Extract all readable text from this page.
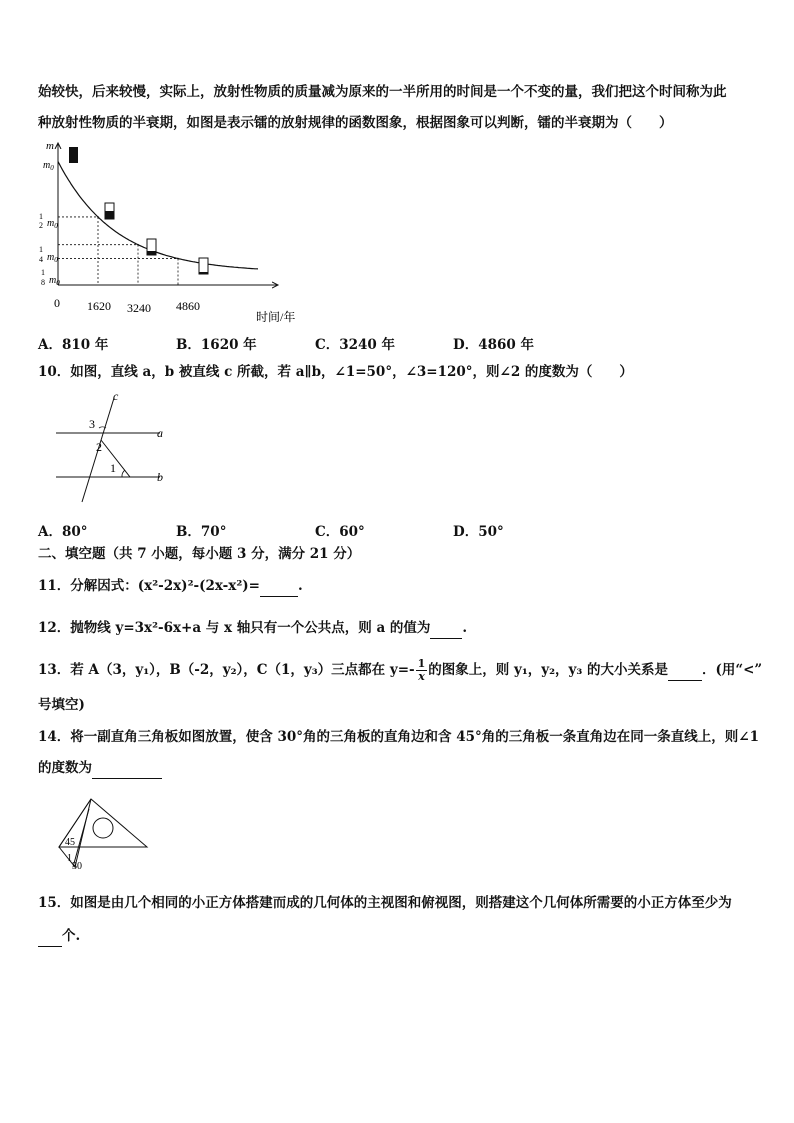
始较快，后来较慢，实际上，放射性物质的质量减为原来的一半所用的时间是一个不变的量，我们把这个时间称为此
种放射性物质的半衰期，如图是表示镭的放射规律的函数图象，根据图象可以判断，镭的半衰期为（　　）
m
$m_0$
1
2 $m_0$
1
4 $m_0$
1
8 $m_0$
0 1620 3240 4860
时间/年
A．810 年	B．1620 年	C．3240 年	D．4860 年
10．如图，直线 a，b 被直线 c 所截，若 a∥b，∠1=50°，∠3=120°，则∠2 的度数为（　　）
c
a
b
3
2
1
A．80°	B．70°	C．60°	D．50°
二、填空题（共 7 小题，每小题 3 分，满分 21 分）
11．分解因式：(x²-2x)²-(2x-x²)=	.
12．抛物线 y=3x²-6x+a 与 x 轴只有一个公共点，则 a 的值为 .
13．若 A（3，y₁），B（-2，y₂），C（1，y₃）三点都在 $y=- \frac{1}{x}$ 的图象上，则 y₁，y₂，y₃ 的大小关系是	．(用“<”
号填空)
14．将一副直角三角板如图放置，使含 30°角的三角板的直角边和含 45°角的三角板一条直角边在同一条直线上，则∠1
的度数为
45
1
30
15．如图是由几个相同的小正方体搭建而成的几何体的主视图和俯视图，则搭建这个几何体所需要的小正方体至少为
个.
